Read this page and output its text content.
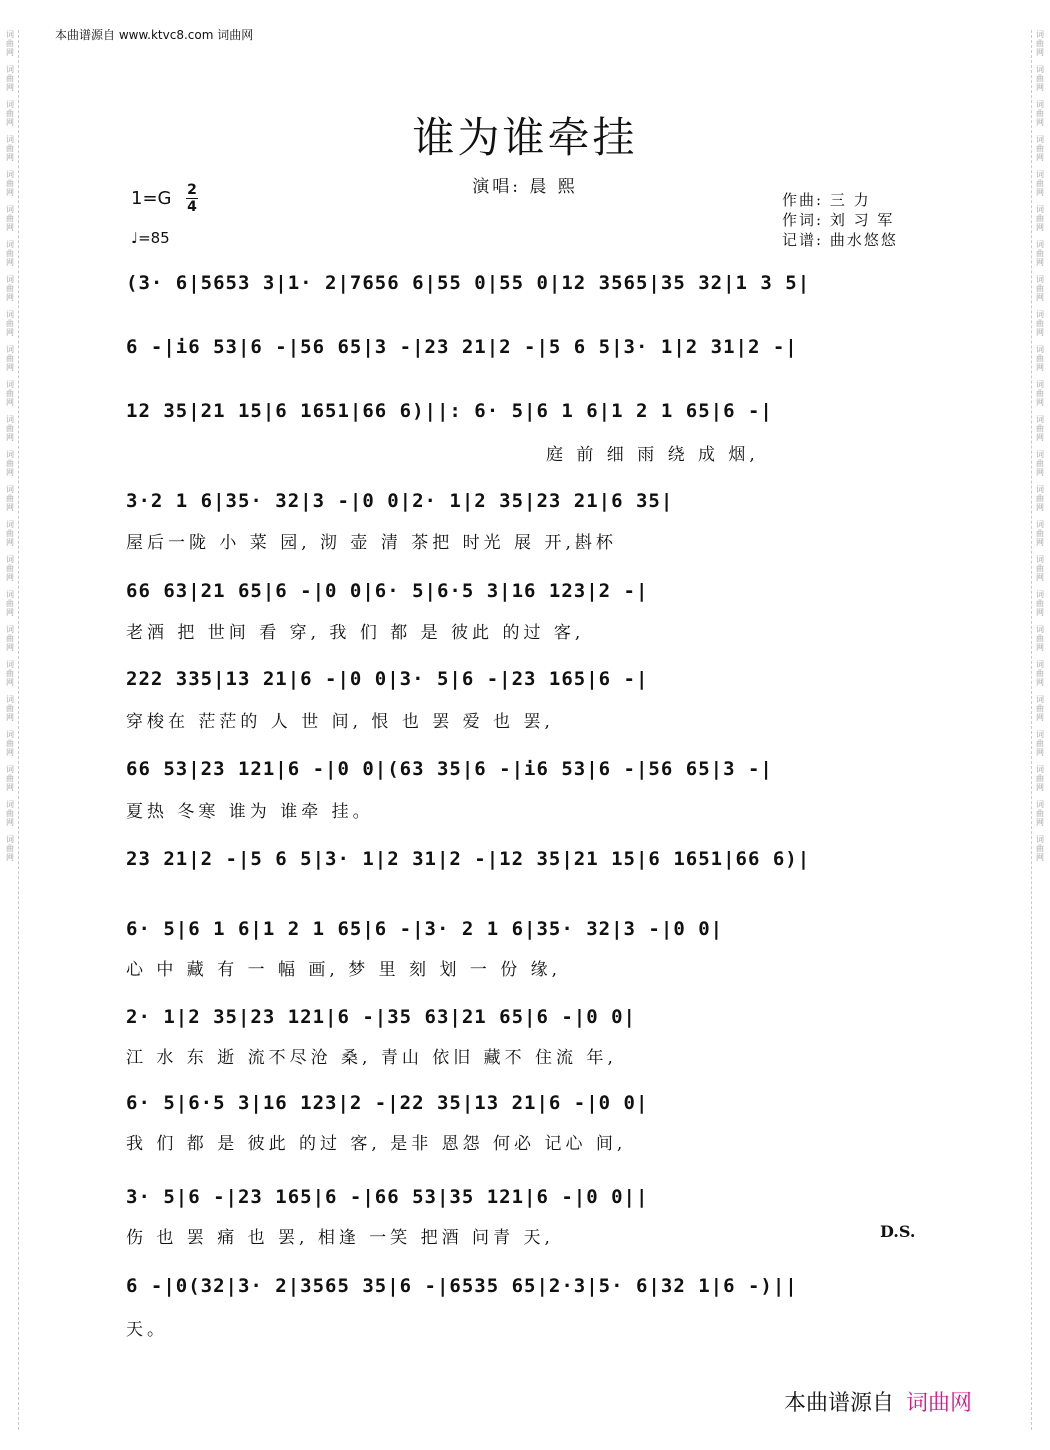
词
曲
网
词
曲
网
词
曲
网
词
曲
网
词
曲
网
词
曲
网
词
曲
网
词
曲
网
词
曲
网
词
曲
网
词
曲
网
词
曲
网
词
曲
网
词
曲
网
词
曲
网
词
曲
网
词
曲
网
词
曲
网
词
曲
网
词
曲
网
词
曲
网
词
曲
网
词
曲
网
词
曲
网
词
曲
网
词
曲
网
词
曲
网
词
曲
网
词
曲
网
词
曲
网
词
曲
网
词
曲
网
词
曲
网
词
曲
网
词
曲
网
词
曲
网
词
曲
网
词
曲
网
词
曲
网
词
曲
网
词
曲
网
词
曲
网
词
曲
网
词
曲
网
词
曲
网
词
曲
网
词
曲
网
词
曲
网
本曲谱源自 www.ktvc8.com 词曲网
谁为谁牵挂
演唱: 晨 熙
1=G 2
4
♩=85
作曲: 三 力
作词: 刘 习 军
记谱: 曲水悠悠
(3· 6|5653 3|1· 2|7656 6|55 0|55 0|12 3565|35 32|1 3 5|
6 -|i6 53|6 -|56 65|3 -|23 21|2 -|5 6 5|3· 1|2 31|2 -|
12 35|21 15|6 1651|66 6)||: 6· 5|6 1 6|1 2 1 65|6 -|
庭 前 细 雨 绕 成 烟,
3·2 1 6|35· 32|3 -|0 0|2· 1|2 35|23 21|6 35|
屋后一陇 小 菜 园, 沏 壶 清 茶把 时光 展 开,斟杯
66 63|21 65|6 -|0 0|6· 5|6·5 3|16 123|2 -|
老酒 把 世间 看 穿, 我 们 都 是 彼此 的过 客,
222 335|13 21|6 -|0 0|3· 5|6 -|23 165|6 -|
穿梭在 茫茫的 人 世 间, 恨 也 罢 爱 也 罢,
66 53|23 121|6 -|0 0|(63 35|6 -|i6 53|6 -|56 65|3 -|
夏热 冬寒 谁为 谁牵 挂。
23 21|2 -|5 6 5|3· 1|2 31|2 -|12 35|21 15|6 1651|66 6)|
6· 5|6 1 6|1 2 1 65|6 -|3· 2 1 6|35· 32|3 -|0 0|
心 中 藏 有 一 幅 画, 梦 里 刻 划 一 份 缘,
2· 1|2 35|23 121|6 -|35 63|21 65|6 -|0 0|
江 水 东 逝 流不尽沧 桑, 青山 依旧 藏不 住流 年,
6· 5|6·5 3|16 123|2 -|22 35|13 21|6 -|0 0|
我 们 都 是 彼此 的过 客, 是非 恩怨 何必 记心 间,
3· 5|6 -|23 165|6 -|66 53|35 121|6 -|0 0||
伤 也 罢 痛 也 罢, 相逢 一笑 把酒 问青 天,	D.S.
6 -|0(32|3· 2|3565 35|6 -|6535 65|2·3|5· 6|32 1|6 -)||
天。
本曲谱源自 词曲网
